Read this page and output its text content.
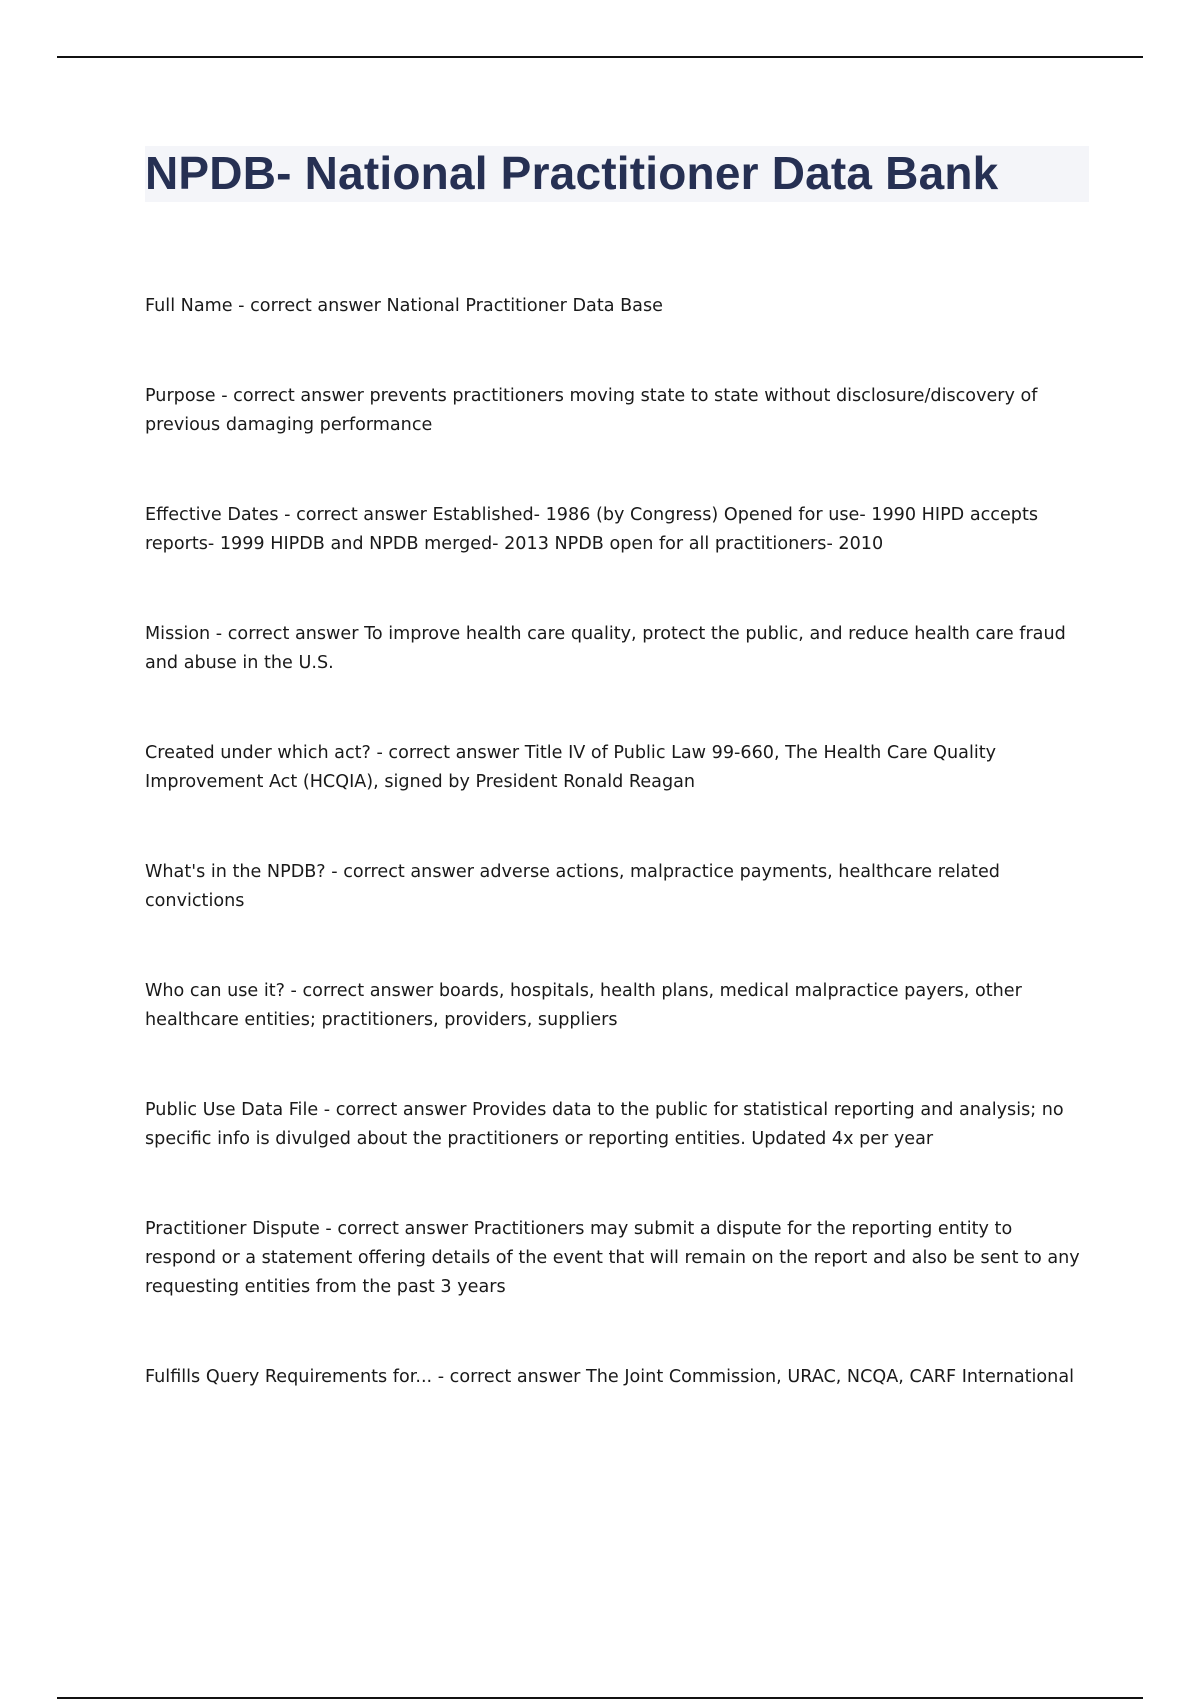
NPDB- National Practitioner Data Bank

Full Name - correct answer National Practitioner Data Base

Purpose - correct answer prevents practitioners moving state to state without disclosure/discovery of previous damaging performance

Effective Dates - correct answer Established- 1986 (by Congress) Opened for use- 1990 HIPD accepts reports- 1999 HIPDB and NPDB merged- 2013 NPDB open for all practitioners- 2010

Mission - correct answer To improve health care quality, protect the public, and reduce health care fraud and abuse in the U.S.

Created under which act? - correct answer Title IV of Public Law 99-660, The Health Care Quality Improvement Act (HCQIA), signed by President Ronald Reagan

What's in the NPDB? - correct answer adverse actions, malpractice payments, healthcare related convictions

Who can use it? - correct answer boards, hospitals, health plans, medical malpractice payers, other healthcare entities; practitioners, providers, suppliers

Public Use Data File - correct answer Provides data to the public for statistical reporting and analysis; no specific info is divulged about the practitioners or reporting entities. Updated 4x per year

Practitioner Dispute - correct answer Practitioners may submit a dispute for the reporting entity to respond or a statement offering details of the event that will remain on the report and also be sent to any requesting entities from the past 3 years

Fulfills Query Requirements for... - correct answer The Joint Commission, URAC, NCQA, CARF International
